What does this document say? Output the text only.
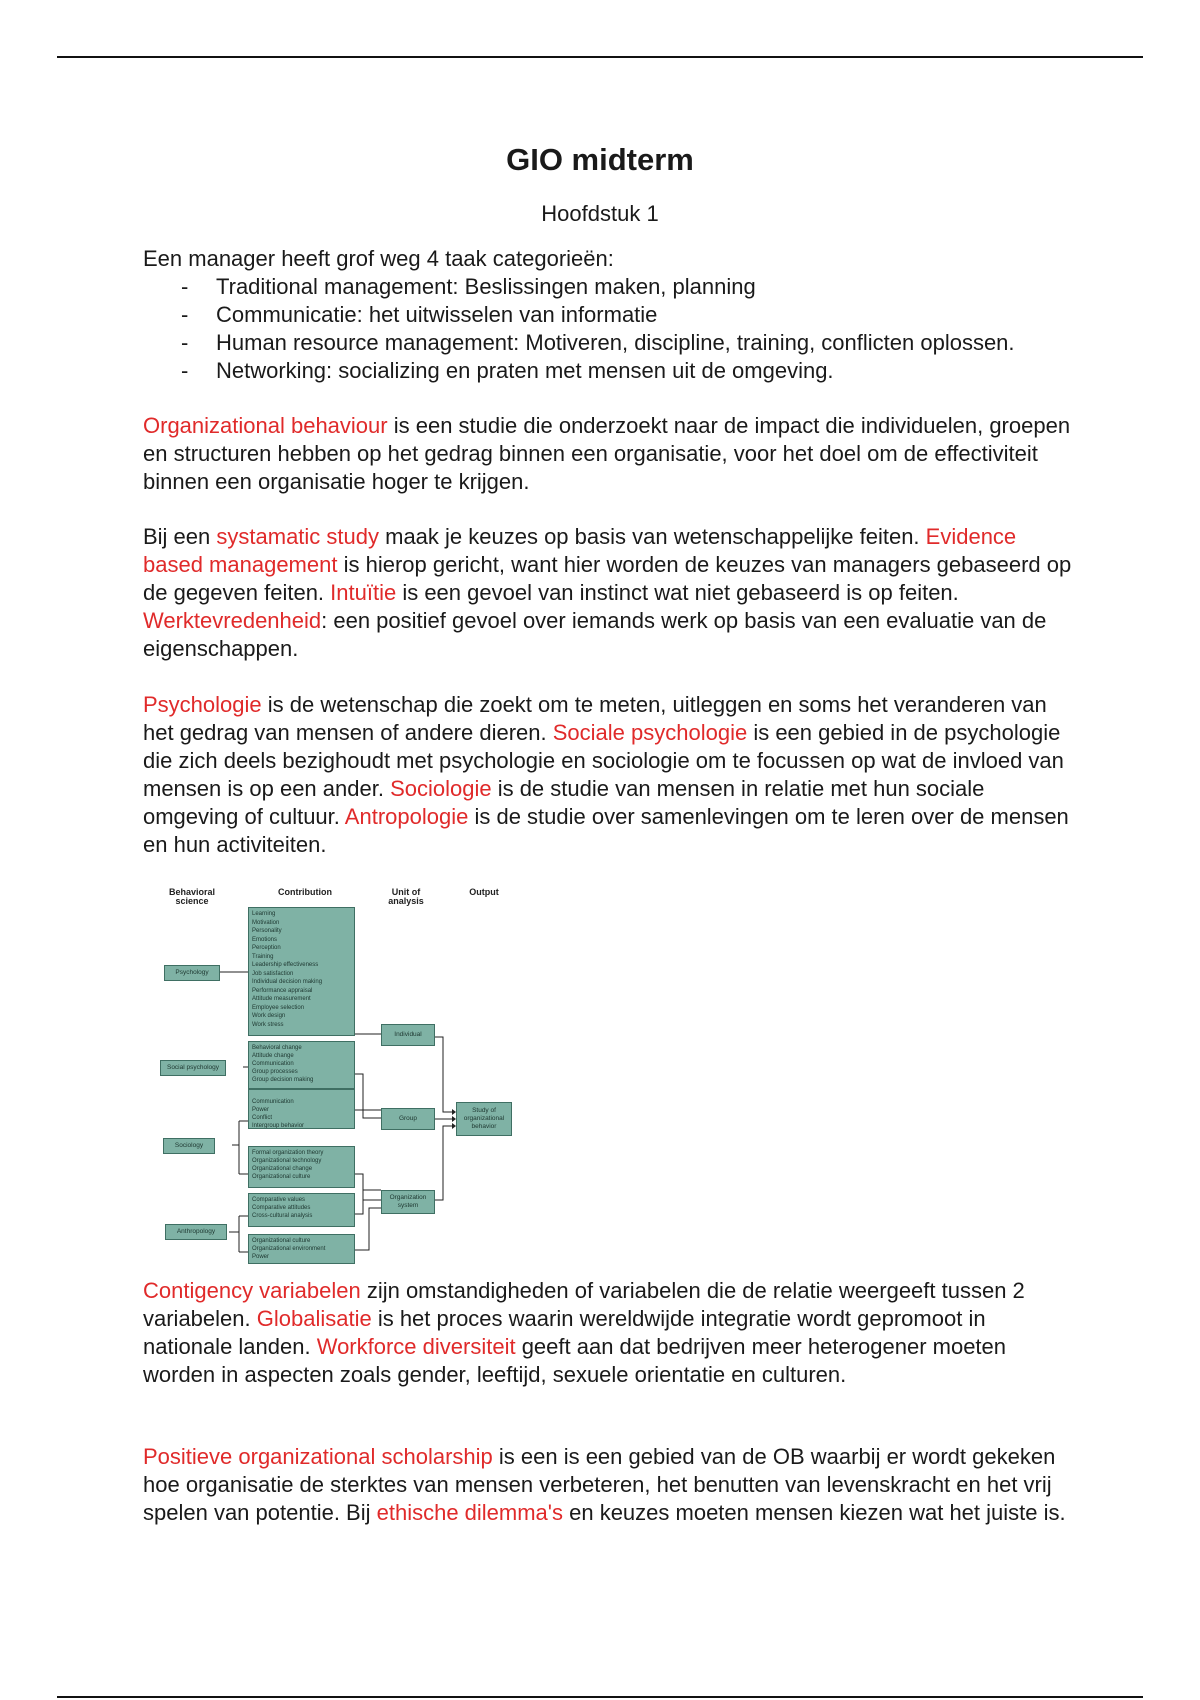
GIO midterm
Hoofdstuk 1
Een manager heeft grof weg 4 taak categorieën:
- Traditional management: Beslissingen maken, planning
- Communicatie: het uitwisselen van informatie
- Human resource management: Motiveren, discipline, training, conflicten oplossen.
- Networking: socializing en praten met mensen uit de omgeving.
Organizational behaviour is een studie die onderzoekt naar de impact die individuelen, groepen en structuren hebben op het gedrag binnen een organisatie, voor het doel om de effectiviteit binnen een organisatie hoger te krijgen.
Bij een systamatic study maak je keuzes op basis van wetenschappelijke feiten. Evidence based management is hierop gericht, want hier worden de keuzes van managers gebaseerd op de gegeven feiten. Intuïtie is een gevoel van instinct wat niet gebaseerd is op feiten. Werktevredenheid: een positief gevoel over iemands werk op basis van een evaluatie van de eigenschappen.
Psychologie is de wetenschap die zoekt om te meten, uitleggen en soms het veranderen van het gedrag van mensen of andere dieren. Sociale psychologie is een gebied in de psychologie die zich deels bezighoudt met psychologie en sociologie om te focussen op wat de invloed van mensen is op een ander. Sociologie is de studie van mensen in relatie met hun sociale omgeving of cultuur. Antropologie is de studie over samenlevingen om te leren over de mensen en hun activiteiten.
Behavioral science
Contribution	Unit of analysis
Output
Psychology
Social psychology
Sociology
Anthropology
Learning
Motivation
Personality
Emotions
Perception
Training
Leadership effectiveness
Job satisfaction
Individual decision making
Performance appraisal
Attitude measurement
Employee selection
Work design
Work stress
Behavioral change
Attitude change
Communication
Group processes
Group decision making
Communication
Power
Conflict
Intergroup behavior
Formal organization theory
Organizational technology
Organizational change
Organizational culture
Comparative values
Comparative attitudes
Cross-cultural analysis
Organizational culture
Organizational environment
Power
Individual
Group
Organization system
Study of organizational behavior
Contigency variabelen zijn omstandigheden of variabelen die de relatie weergeeft tussen 2 variabelen. Globalisatie is het proces waarin wereldwijde integratie wordt gepromoot in nationale landen. Workforce diversiteit geeft aan dat bedrijven meer heterogener moeten worden in aspecten zoals gender, leeftijd, sexuele orientatie en culturen.
Positieve organizational scholarship is een is een gebied van de OB waarbij er wordt gekeken hoe organisatie de sterktes van mensen verbeteren, het benutten van levenskracht en het vrij spelen van potentie. Bij ethische dilemma's en keuzes moeten mensen kiezen wat het juiste is.
